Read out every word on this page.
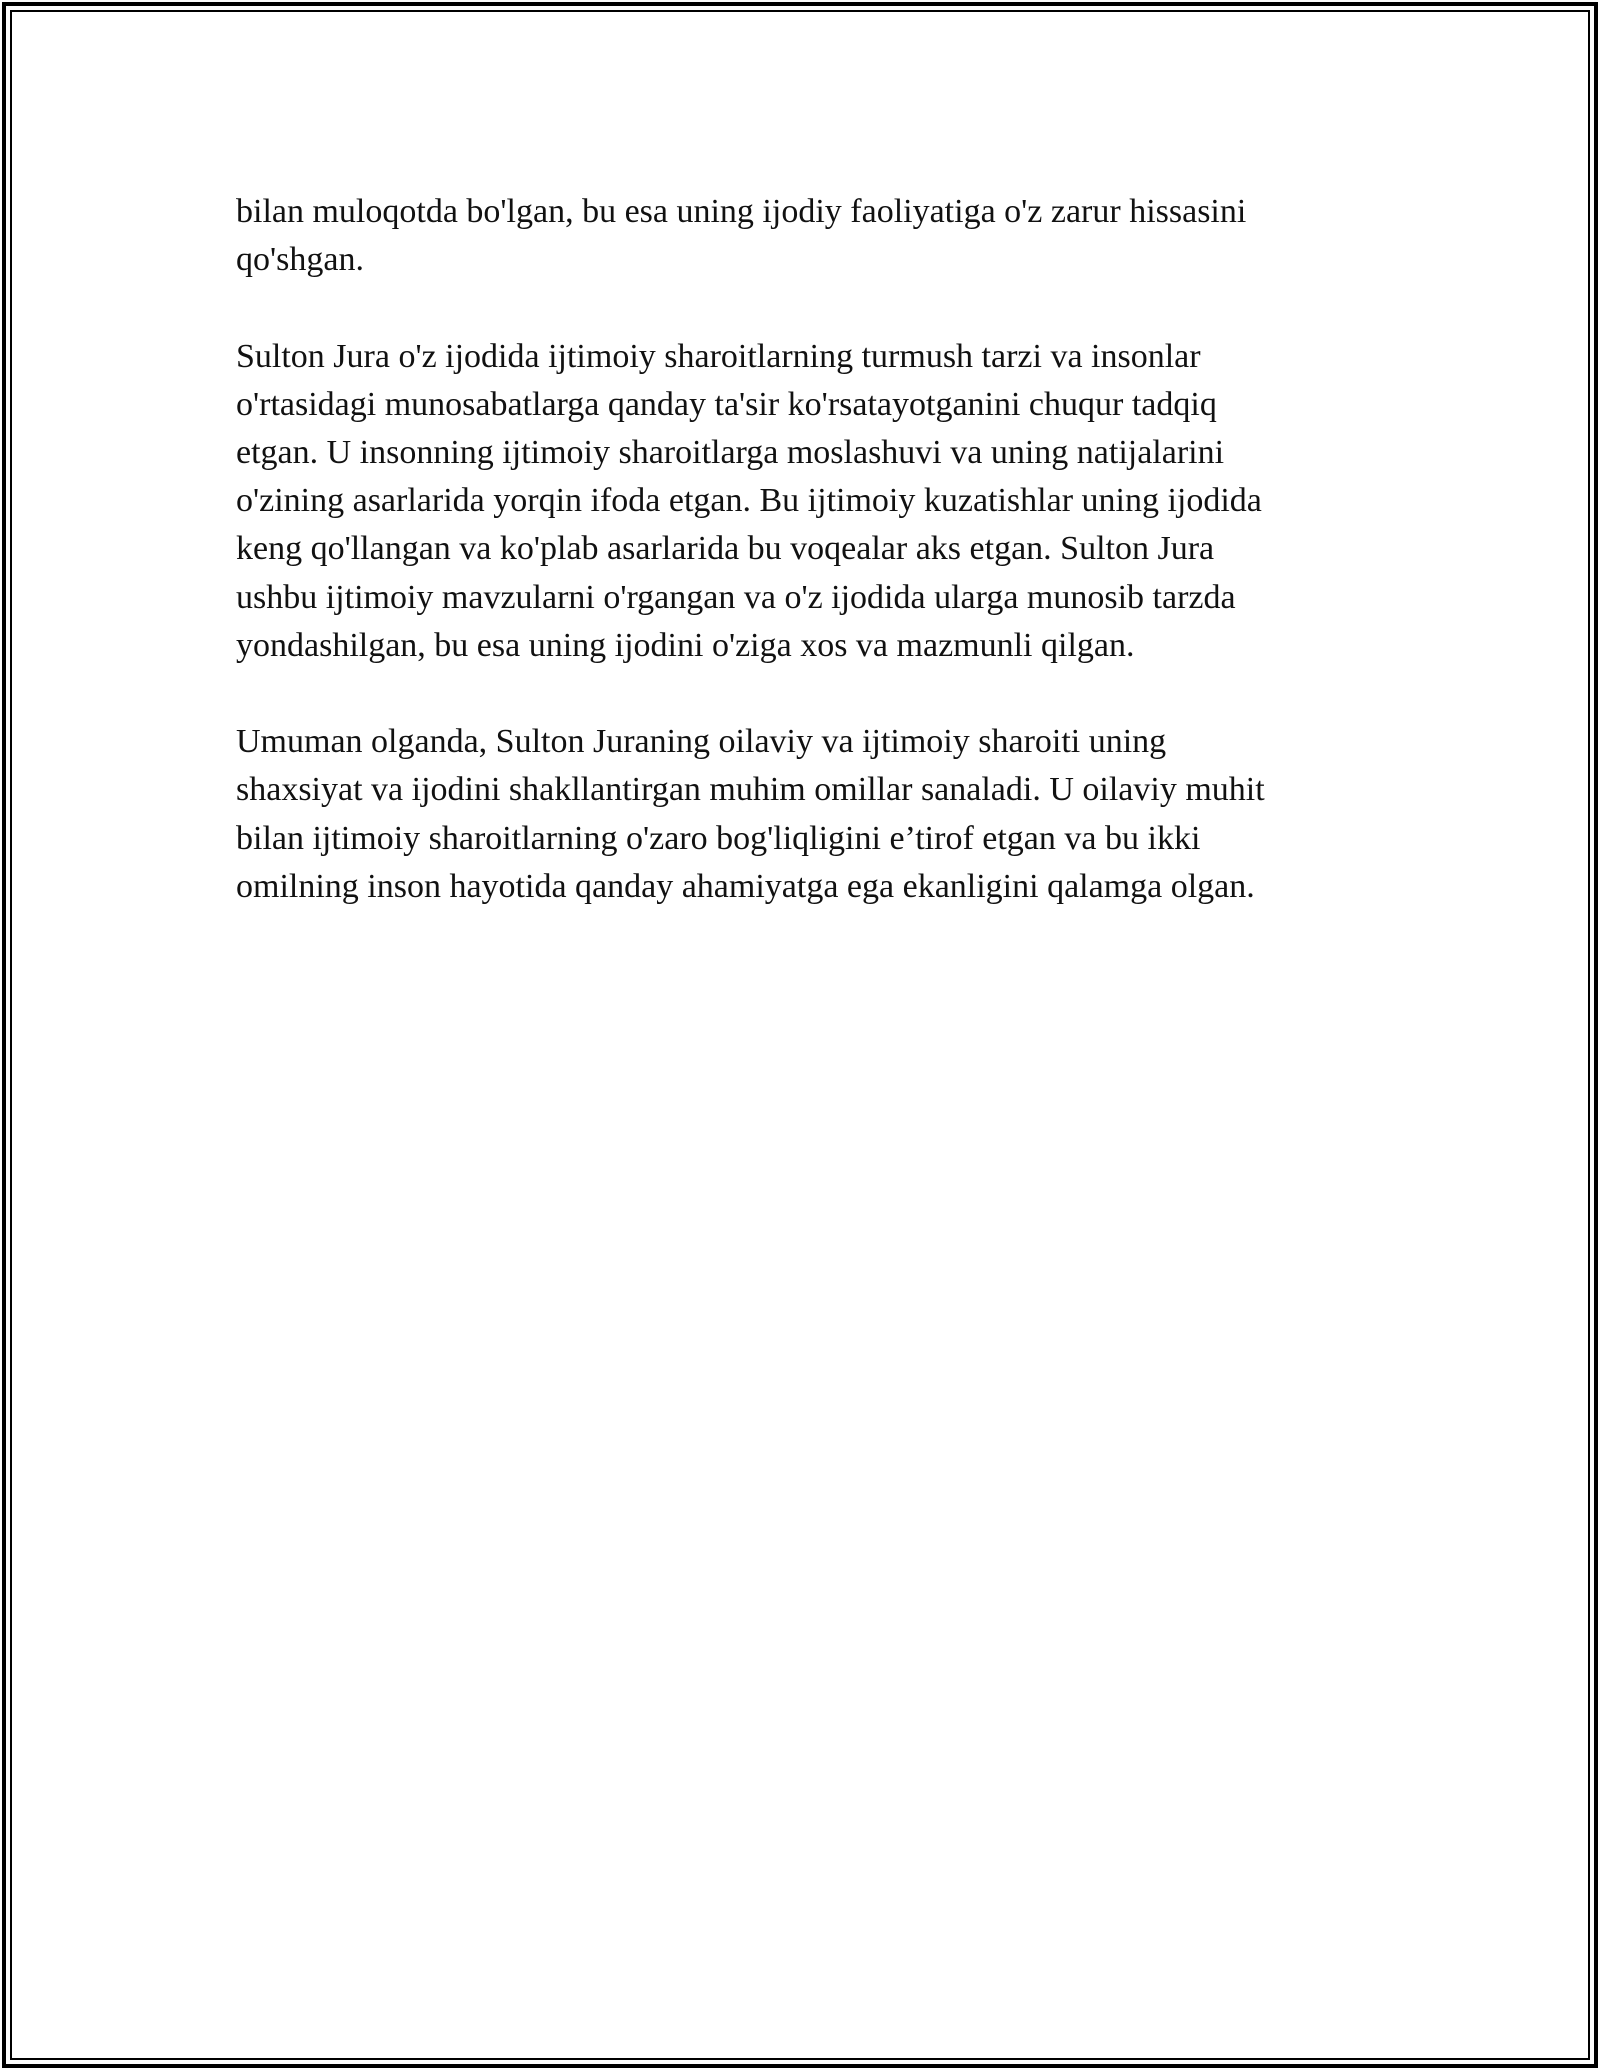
bilan muloqotda bo'lgan, bu esa uning ijodiy faoliyatiga o'z zarur hissasini
qo'shgan.

Sulton Jura o'z ijodida ijtimoiy sharoitlarning turmush tarzi va insonlar
o'rtasidagi munosabatlarga qanday ta'sir ko'rsatayotganini chuqur tadqiq
etgan. U insonning ijtimoiy sharoitlarga moslashuvi va uning natijalarini
o'zining asarlarida yorqin ifoda etgan. Bu ijtimoiy kuzatishlar uning ijodida
keng qo'llangan va ko'plab asarlarida bu voqealar aks etgan. Sulton Jura
ushbu ijtimoiy mavzularni o'rgangan va o'z ijodida ularga munosib tarzda
yondashilgan, bu esa uning ijodini o'ziga xos va mazmunli qilgan.

Umuman olganda, Sulton Juraning oilaviy va ijtimoiy sharoiti uning
shaxsiyat va ijodini shakllantirgan muhim omillar sanaladi. U oilaviy muhit
bilan ijtimoiy sharoitlarning o'zaro bog'liqligini e’tirof etgan va bu ikki
omilning inson hayotida qanday ahamiyatga ega ekanligini qalamga olgan.
